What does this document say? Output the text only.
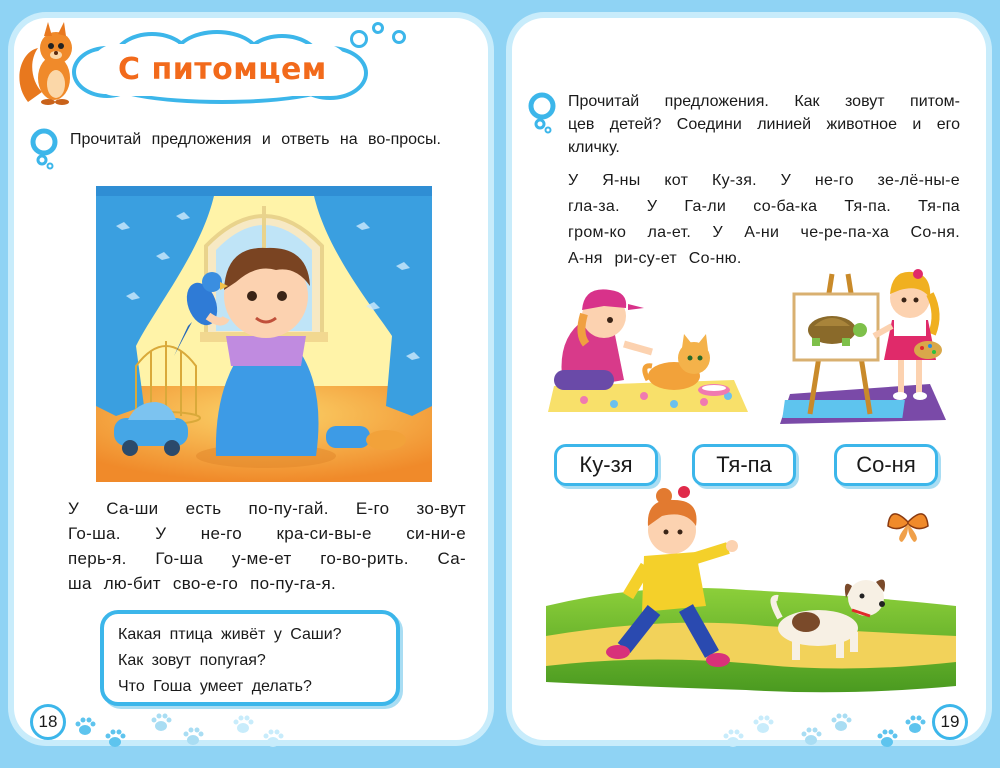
С питомцем
Прочитай предложения и ответь на во-просы.
У Са-ши есть по-пу-гай. Е-го зо-вут
Го-ша. У не-го кра-си-вы-е си-ни-е
перь-я. Го-ша у-ме-ет го-во-рить. Са-
ша лю-бит сво-е-го по-пу-га-я.
Какая птица живёт у Саши?
Как зовут попугая?
Что Гоша умеет делать?
18	19
Прочитай предложения. Как зовут питом-
цев детей? Соедини линией животное и его
кличку.
У Я-ны кот Ку-зя. У не-го зе-лё-ны-е
гла-за. У Га-ли со-ба-ка Тя-па. Тя-па
гром-ко ла-ет. У А-ни че-ре-па-ха Со-ня.
А-ня ри-су-ет Со-ню.
Ку-зя	Тя-па	Со-ня
